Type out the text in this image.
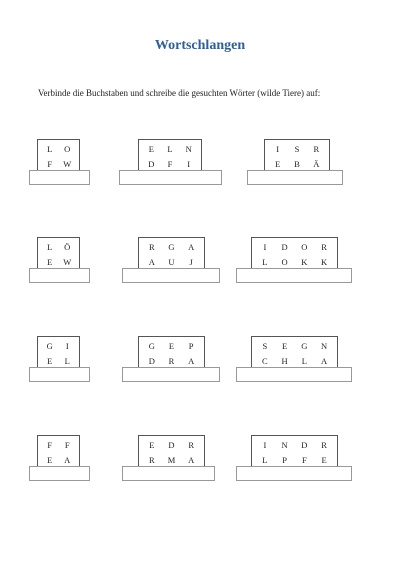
Wortschlangen
Verbinde die Buchstaben und schreibe die gesuchten Wörter (wilde Tiere) auf:
L	O
F	W
E	L	N
D	F	I
I	S	R
E	B	Ä
L	Ö
E	W
R	G	A
A	U	J
I	D	O	R
L	O	K	K
G	I
E	L
G	E	P
D	R	A
S	E	G	N
C	H	L	A
F	F
E	A
E	D	R
R	M	A
I	N	D	R
L	P	F	E
